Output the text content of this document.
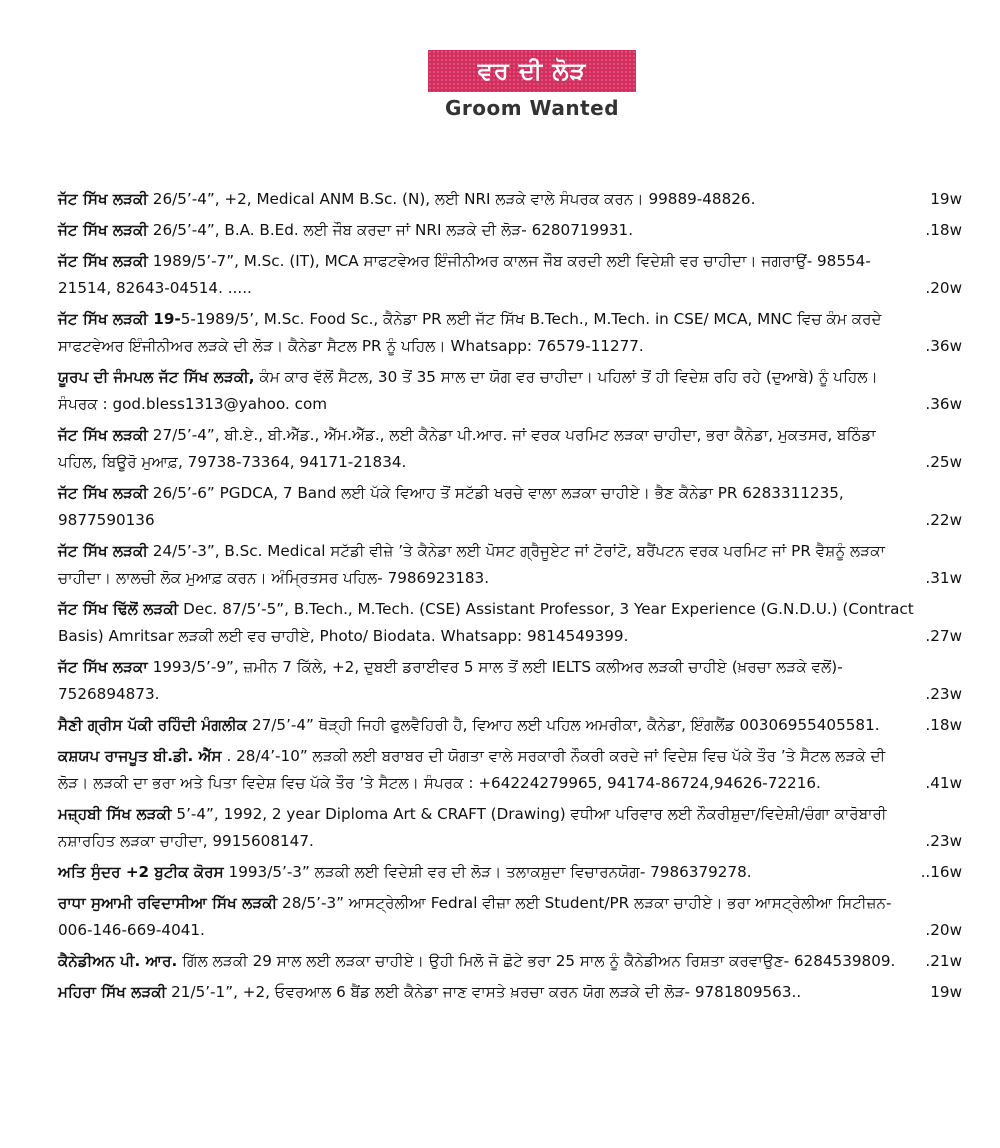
ਵਰ ਦੀ ਲੋੜ
Groom Wanted
ਜੱਟ ਸਿੱਖ ਲੜਕੀ 26/5’-4”, +2, Medical ANM B.Sc. (N), ਲਈ NRI ਲੜਕੇ ਵਾਲੇ ਸੰਪਰਕ ਕਰਨ। 99889-48826.	19w
ਜੱਟ ਸਿੱਖ ਲੜਕੀ 26/5’-4”, B.A. B.Ed. ਲਈ ਜੌਬ ਕਰਦਾ ਜਾਂ NRI ਲੜਕੇ ਦੀ ਲੋੜ- 6280719931.	.18w
ਜੱਟ ਸਿੱਖ ਲੜਕੀ 1989/5’-7”, M.Sc. (IT), MCA ਸਾਫਟਵੇਅਰ ਇੰਜੀਨੀਅਰ ਕਾਲਜ ਜੌਬ ਕਰਦੀ ਲਈ ਵਿਦੇਸ਼ੀ ਵਰ ਚਾਹੀਦਾ। ਜਗਰਾਉਂ- 98554-21514, 82643-04514. .....	.20w
ਜੱਟ ਸਿੱਖ ਲੜਕੀ 19-5-1989/5’, M.Sc. Food Sc., ਕੈਨੇਡਾ PR ਲਈ ਜੱਟ ਸਿੱਖ B.Tech., M.Tech. in CSE/ MCA, MNC ਵਿਚ ਕੰਮ ਕਰਦੇ ਸਾਫਟਵੇਅਰ ਇੰਜੀਨੀਅਰ ਲੜਕੇ ਦੀ ਲੋੜ। ਕੈਨੇਡਾ ਸੈਟਲ PR ਨੂੰ ਪਹਿਲ। Whatsapp: 76579-11277.	.36w
ਯੂਰਪ ਦੀ ਜੰਮਪਲ ਜੱਟ ਸਿੱਖ ਲੜਕੀ, ਕੰਮ ਕਾਰ ਵੱਲੋਂ ਸੈਟਲ, 30 ਤੋਂ 35 ਸਾਲ ਦਾ ਯੋਗ ਵਰ ਚਾਹੀਦਾ। ਪਹਿਲਾਂ ਤੋਂ ਹੀ ਵਿਦੇਸ਼ ਰਹਿ ਰਹੇ (ਦੁਆਬੇ) ਨੂੰ ਪਹਿਲ। ਸੰਪਰਕ : god.bless1313@yahoo. com	.36w
ਜੱਟ ਸਿੱਖ ਲੜਕੀ 27/5’-4”, ਬੀ.ਏ., ਬੀ.ਐੱਡ., ਐੱਮ.ਐੱਡ., ਲਈ ਕੈਨੇਡਾ ਪੀ.ਆਰ. ਜਾਂ ਵਰਕ ਪਰਮਿਟ ਲੜਕਾ ਚਾਹੀਦਾ, ਭਰਾ ਕੈਨੇਡਾ, ਮੁਕਤਸਰ, ਬਠਿੰਡਾ ਪਹਿਲ, ਬਿਊਰੋ ਮੁਆਫ਼, 79738-73364, 94171-21834.	.25w
ਜੱਟ ਸਿੱਖ ਲੜਕੀ 26/5’-6” PGDCA, 7 Band ਲਈ ਪੱਕੇ ਵਿਆਹ ਤੋਂ ਸਟੱਡੀ ਖਰਚੇ ਵਾਲਾ ਲੜਕਾ ਚਾਹੀਏ। ਭੈਣ ਕੈਨੇਡਾ PR 6283311235, 9877590136	.22w
ਜੱਟ ਸਿੱਖ ਲੜਕੀ 24/5’-3”, B.Sc. Medical ਸਟੱਡੀ ਵੀਜ਼ੇ ’ਤੇ ਕੈਨੇਡਾ ਲਈ ਪੋਸਟ ਗ੍ਰੈਜੂਏਟ ਜਾਂ ਟੋਰਾਂਟੋ, ਬਰੈਂਪਟਨ ਵਰਕ ਪਰਮਿਟ ਜਾਂ PR ਵੈਸ਼ਨੂੰ ਲੜਕਾ ਚਾਹੀਦਾ। ਲਾਲਚੀ ਲੋਕ ਮੁਆਫ਼ ਕਰਨ। ਅੰਮ੍ਰਿਤਸਰ ਪਹਿਲ- 7986923183.	.31w
ਜੱਟ ਸਿੱਖ ਢਿੱਲੋਂ ਲੜਕੀ Dec. 87/5’-5”, B.Tech., M.Tech. (CSE) Assistant Professor, 3 Year Experience (G.N.D.U.) (Contract Basis) Amritsar ਲੜਕੀ ਲਈ ਵਰ ਚਾਹੀਏ, Photo/ Biodata. Whatsapp: 9814549399.	.27w
ਜੱਟ ਸਿੱਖ ਲੜਕਾ 1993/5’-9”, ਜ਼ਮੀਨ 7 ਕਿੱਲੇ, +2, ਦੁਬਈ ਡਰਾਈਵਰ 5 ਸਾਲ ਤੋਂ ਲਈ IELTS ਕਲੀਅਰ ਲੜਕੀ ਚਾਹੀਏ (ਖ਼ਰਚਾ ਲੜਕੇ ਵਲੋਂ)- 7526894873.	.23w
ਸੈਣੀ ਗ੍ਰੀਸ ਪੱਕੀ ਰਹਿੰਦੀ ਮੰਗਲੀਕ 27/5’-4” ਥੋੜ੍ਹੀ ਜਿਹੀ ਫੁਲਵੈਹਿਰੀ ਹੈ, ਵਿਆਹ ਲਈ ਪਹਿਲ ਅਮਰੀਕਾ, ਕੈਨੇਡਾ, ਇੰਗਲੈਂਡ 00306955405581.	.18w
ਕਸ਼ਯਪ ਰਾਜਪੂਤ ਬੀ.ਡੀ. ਐੱਸ . 28/4’-10” ਲੜਕੀ ਲਈ ਬਰਾਬਰ ਦੀ ਯੋਗਤਾ ਵਾਲੇ ਸਰਕਾਰੀ ਨੌਕਰੀ ਕਰਦੇ ਜਾਂ ਵਿਦੇਸ਼ ਵਿਚ ਪੱਕੇ ਤੌਰ ’ਤੇ ਸੈਟਲ ਲੜਕੇ ਦੀ ਲੋੜ। ਲੜਕੀ ਦਾ ਭਰਾ ਅਤੇ ਪਿਤਾ ਵਿਦੇਸ਼ ਵਿਚ ਪੱਕੇ ਤੌਰ ’ਤੇ ਸੈਟਲ। ਸੰਪਰਕ : +64224279965, 94174-86724,94626-72216.	.41w
ਮਜ਼੍ਹਬੀ ਸਿੱਖ ਲੜਕੀ 5’-4”, 1992, 2 year Diploma Art & CRAFT (Drawing) ਵਧੀਆ ਪਰਿਵਾਰ ਲਈ ਨੌਕਰੀਸ਼ੁਦਾ/ਵਿਦੇਸ਼ੀ/ਚੰਗਾ ਕਾਰੋਬਾਰੀ ਨਸ਼ਾਰਹਿਤ ਲੜਕਾ ਚਾਹੀਦਾ, 9915608147.	.23w
ਅਤਿ ਸੁੰਦਰ +2 ਬੁਟੀਕ ਕੋਰਸ 1993/5’-3” ਲੜਕੀ ਲਈ ਵਿਦੇਸ਼ੀ ਵਰ ਦੀ ਲੋੜ। ਤਲਾਕਸ਼ੁਦਾ ਵਿਚਾਰਨਯੋਗ- 7986379278.	..16w
ਰਾਧਾ ਸੁਆਮੀ ਰਵਿਦਾਸੀਆ ਸਿੱਖ ਲੜਕੀ 28/5’-3” ਆਸਟ੍ਰੇਲੀਆ Fedral ਵੀਜ਼ਾ ਲਈ Student/PR ਲੜਕਾ ਚਾਹੀਏ। ਭਰਾ ਆਸਟ੍ਰੇਲੀਆ ਸਿਟੀਜ਼ਨ- 006-146-669-4041.	.20w
ਕੈਨੇਡੀਅਨ ਪੀ. ਆਰ. ਗਿੱਲ ਲੜਕੀ 29 ਸਾਲ ਲਈ ਲੜਕਾ ਚਾਹੀਏ। ਉਹੀ ਮਿਲੋ ਜੋ ਛੋਟੇ ਭਰਾ 25 ਸਾਲ ਨੂੰ ਕੈਨੇਡੀਅਨ ਰਿਸ਼ਤਾ ਕਰਵਾਉਣ- 6284539809. .21w
ਮਹਿਰਾ ਸਿੱਖ ਲੜਕੀ 21/5’-1”, +2, ਓਵਰਆਲ 6 ਬੈਂਡ ਲਈ ਕੈਨੇਡਾ ਜਾਣ ਵਾਸਤੇ ਖ਼ਰਚਾ ਕਰਨ ਯੋਗ ਲੜਕੇ ਦੀ ਲੋੜ- 9781809563..	19w
